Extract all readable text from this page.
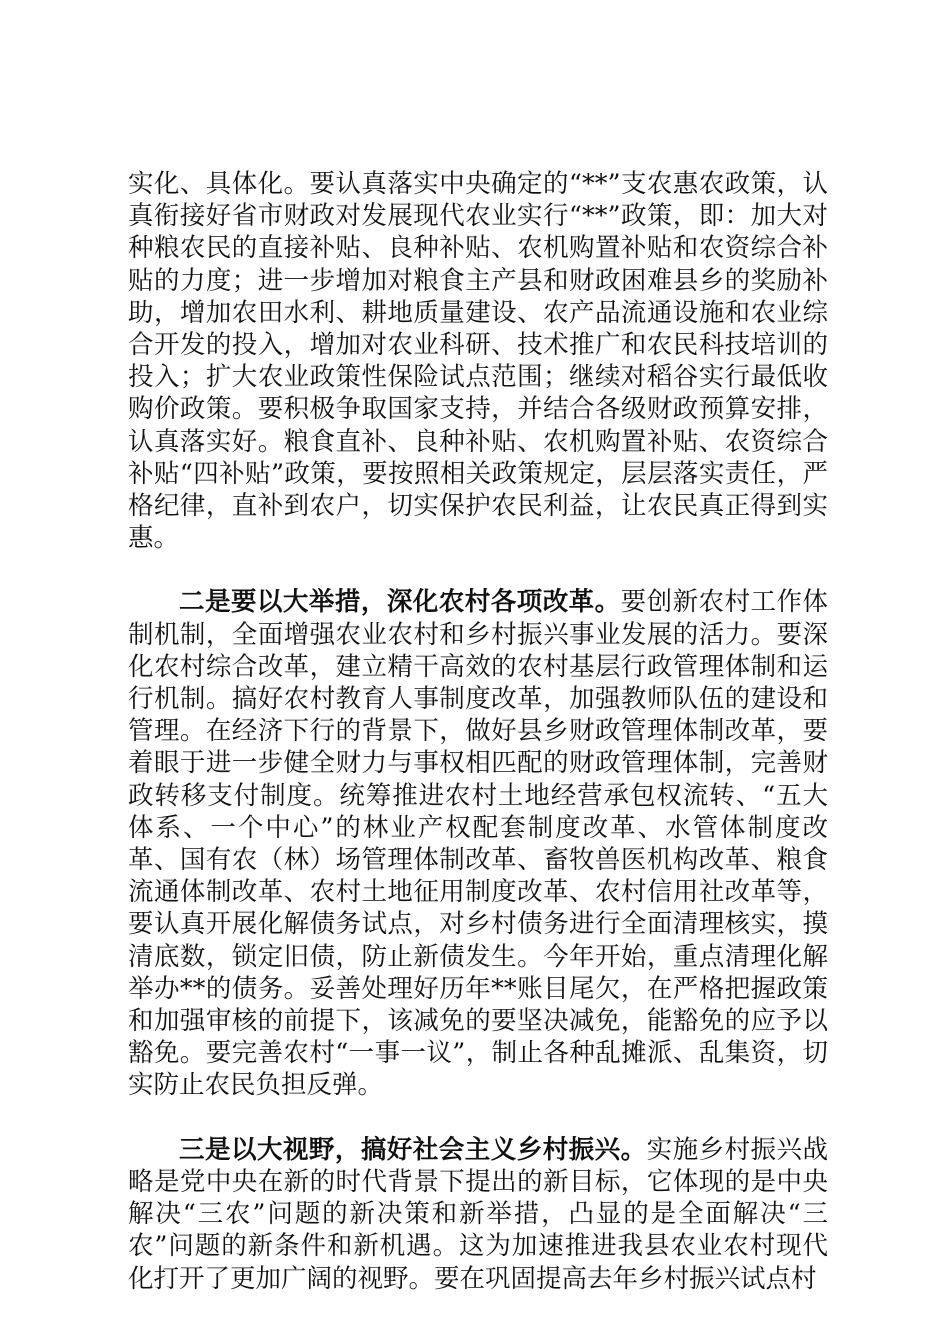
实化、具体化。要认真落实中央确定的“**”支农惠农政策，认真衔接好省市财政对发展现代农业实行“**”政策，即：加大对种粮农民的直接补贴、良种补贴、农机购置补贴和农资综合补贴的力度；进一步增加对粮食主产县和财政困难县乡的奖励补助，增加农田水利、耕地质量建设、农产品流通设施和农业综合开发的投入，增加对农业科研、技术推广和农民科技培训的投入；扩大农业政策性保险试点范围；继续对稻谷实行最低收购价政策。要积极争取国家支持，并结合各级财政预算安排，认真落实好。粮食直补、良种补贴、农机购置补贴、农资综合补贴“四补贴”政策，要按照相关政策规定，层层落实责任，严格纪律，直补到农户，切实保护农民利益，让农民真正得到实惠。

二是要以大举措，深化农村各项改革。要创新农村工作体制机制，全面增强农业农村和乡村振兴事业发展的活力。要深化农村综合改革，建立精干高效的农村基层行政管理体制和运行机制。搞好农村教育人事制度改革，加强教师队伍的建设和管理。在经济下行的背景下，做好县乡财政管理体制改革，要着眼于进一步健全财力与事权相匹配的财政管理体制，完善财政转移支付制度。统筹推进农村土地经营承包权流转、“五大体系、一个中心”的林业产权配套制度改革、水管体制度改革、国有农（林）场管理体制改革、畜牧兽医机构改革、粮食流通体制改革、农村土地征用制度改革、农村信用社改革等，要认真开展化解债务试点，对乡村债务进行全面清理核实，摸清底数，锁定旧债，防止新债发生。今年开始，重点清理化解举办**的债务。妥善处理好历年**账目尾欠，在严格把握政策和加强审核的前提下，该减免的要坚决减免，能豁免的应予以豁免。要完善农村“一事一议”，制止各种乱摊派、乱集资，切实防止农民负担反弹。

三是以大视野，搞好社会主义乡村振兴。实施乡村振兴战略是党中央在新的时代背景下提出的新目标，它体现的是中央解决“三农”问题的新决策和新举措，凸显的是全面解决“三农”问题的新条件和新机遇。这为加速推进我县农业农村现代化打开了更加广阔的视野。要在巩固提高去年乡村振兴试点村
